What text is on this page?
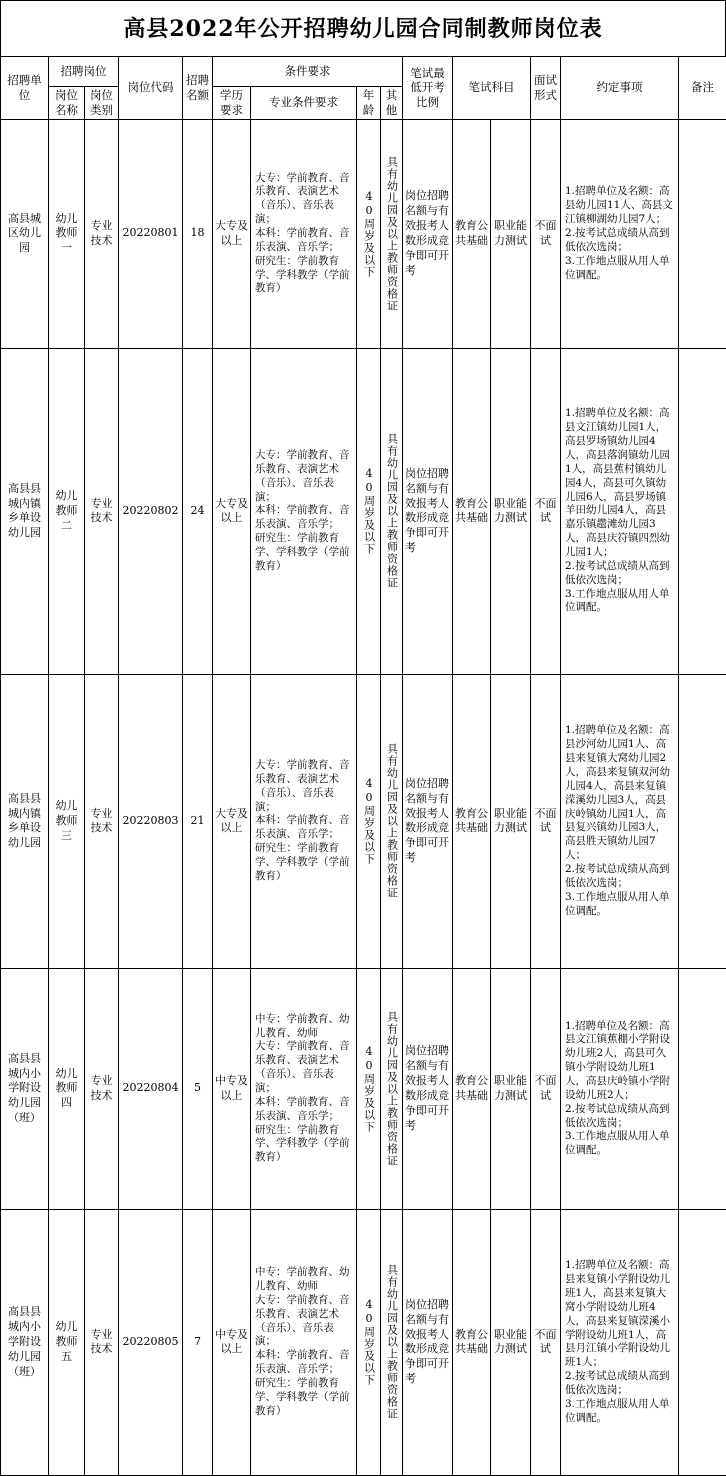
高县2022年公开招聘幼儿园合同制教师岗位表
招聘单位	招聘岗位		岗位代码	招聘名额	条件要求				笔试最低开考比例	笔试科目		面试形式	约定事项	备注
	岗位名称	岗位类别			学历要求	专业条件要求	年龄	其他						
高县城区幼儿园	幼儿教师一	专业技术	20220801	18	大专及以上	大专：学前教育、音乐教育、表演艺术（音乐）、音乐表演；
本科：学前教育、音乐表演、音乐学；
研究生：学前教育学、学科教学（学前教育）	40周岁及以下	具有幼儿园及以上教师资格证	岗位招聘名额与有效报考人数形成竞争即可开考	教育公共基础	职业能力测试	不面试	1.招聘单位及名额：高县幼儿园11人、高县文江镇柳湖幼儿园7人；
2.按考试总成绩从高到低依次选岗；
3.工作地点服从用人单位调配。	
高县县城内镇乡单设幼儿园	幼儿教师二	专业技术	20220802	24	大专及以上	大专：学前教育、音乐教育、表演艺术（音乐）、音乐表演；
本科：学前教育、音乐表演、音乐学；
研究生：学前教育学、学科教学（学前教育）	40周岁及以下	具有幼儿园及以上教师资格证	岗位招聘名额与有效报考人数形成竞争即可开考	教育公共基础	职业能力测试	不面试	1.招聘单位及名额：高县文江镇幼儿园1人，高县罗场镇幼儿园4人，高县落润镇幼儿园1人，高县蕉村镇幼儿园4人，高县可久镇幼儿园6人，高县罗场镇羊田幼儿园4人，高县嘉乐镇趱滩幼儿园3人，高县庆符镇四烈幼儿园1人；
2.按考试总成绩从高到低依次选岗；
3.工作地点服从用人单位调配。	
高县县城内镇乡单设幼儿园	幼儿教师三	专业技术	20220803	21	大专及以上	大专：学前教育、音乐教育、表演艺术（音乐）、音乐表演；
本科：学前教育、音乐表演、音乐学；
研究生：学前教育学、学科教学（学前教育）	40周岁及以下	具有幼儿园及以上教师资格证	岗位招聘名额与有效报考人数形成竞争即可开考	教育公共基础	职业能力测试	不面试	1.招聘单位及名额：高县沙河幼儿园1人、高县来复镇大窝幼儿园2人，高县来复镇双河幼儿园4人，高县来复镇溁溪幼儿园3人，高县庆岭镇幼儿园1人，高县复兴镇幼儿园3人，高县胜天镇幼儿园7人；
2.按考试总成绩从高到低依次选岗；
3.工作地点服从用人单位调配。	
高县县城内小学附设幼儿园（班）	幼儿教师四	专业技术	20220804	5	中专及以上	中专：学前教育、幼儿教育、幼师
大专：学前教育、音乐教育、表演艺术（音乐）、音乐表演；
本科：学前教育、音乐表演、音乐学；
研究生：学前教育学、学科教学（学前教育）	40周岁及以下	具有幼儿园及以上教师资格证	岗位招聘名额与有效报考人数形成竞争即可开考	教育公共基础	职业能力测试	不面试	1.招聘单位及名额：高县文江镇蕉棚小学附设幼儿班2人，高县可久镇小学附设幼儿班1人，高县庆岭镇小学附设幼儿班2人；
2.按考试总成绩从高到低依次选岗；
3.工作地点服从用人单位调配。	
高县县城内小学附设幼儿园（班）	幼儿教师五	专业技术	20220805	7	中专及以上	中专：学前教育、幼儿教育、幼师
大专：学前教育、音乐教育、表演艺术（音乐）、音乐表演；
本科：学前教育、音乐表演、音乐学；
研究生：学前教育学、学科教学（学前教育）	40周岁及以下	具有幼儿园及以上教师资格证	岗位招聘名额与有效报考人数形成竞争即可开考	教育公共基础	职业能力测试	不面试	1.招聘单位及名额：高县来复镇小学附设幼儿班1人，高县来复镇大窝小学附设幼儿班4人，高县来复镇溁溪小学附设幼儿班1人，高县月江镇小学附设幼儿班1人；
2.按考试总成绩从高到低依次选岗；
3.工作地点服从用人单位调配。	
